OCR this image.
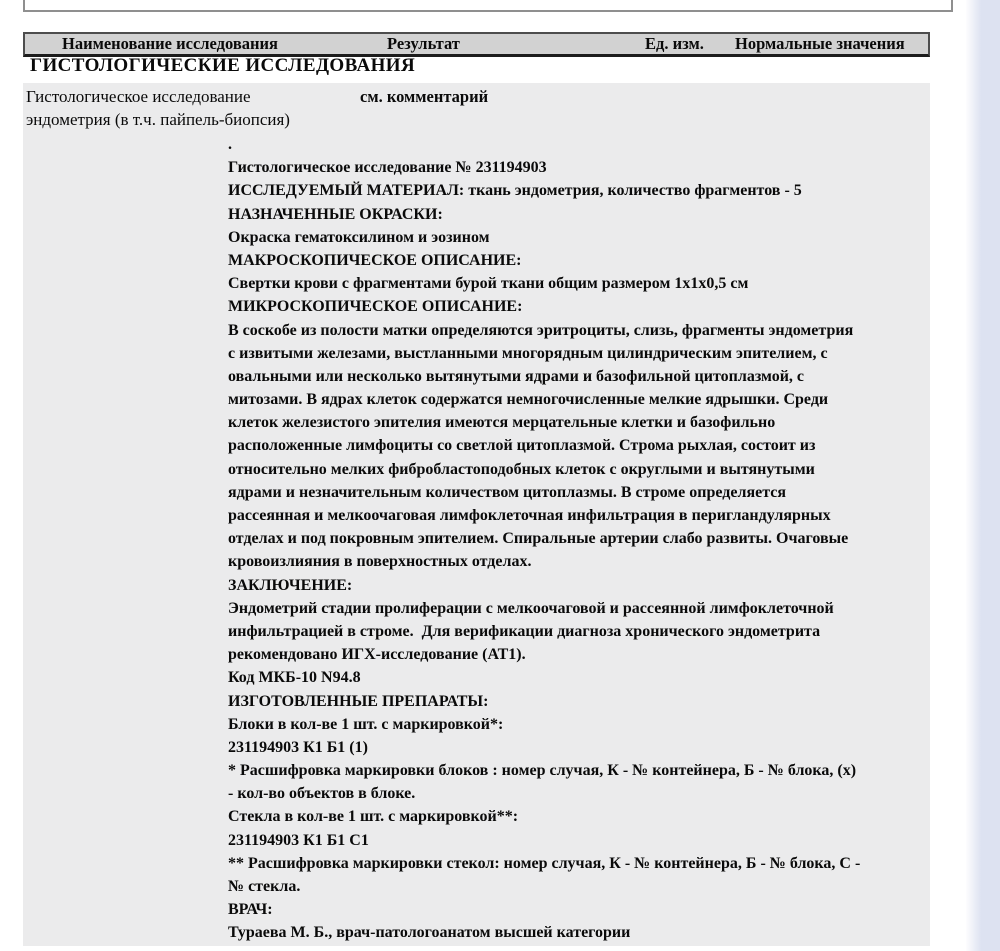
Наименование исследования	Результат	Ед. изм. Нормальные значения
ГИСТОЛОГИЧЕСКИЕ ИССЛЕДОВАНИЯ
Гистологическое исследование
эндометрия (в т.ч. пайпель-биопсия)
см. комментарий
.
Гистологическое исследование № 231194903
ИССЛЕДУЕМЫЙ МАТЕРИАЛ: ткань эндометрия, количество фрагментов - 5
НАЗНАЧЕННЫЕ ОКРАСКИ:
Окраска гематоксилином и эозином
МАКРОСКОПИЧЕСКОЕ ОПИСАНИЕ:
Свертки крови с фрагментами бурой ткани общим размером 1х1х0,5 см
МИКРОСКОПИЧЕСКОЕ ОПИСАНИЕ:
В соскобе из полости матки определяются эритроциты, слизь, фрагменты эндометрия
с извитыми железами, выстланными многорядным цилиндрическим эпителием, с
овальными или несколько вытянутыми ядрами и базофильной цитоплазмой, с
митозами. В ядрах клеток содержатся немногочисленные мелкие ядрышки. Среди
клеток железистого эпителия имеются мерцательные клетки и базофильно
расположенные лимфоциты со светлой цитоплазмой. Строма рыхлая, состоит из
относительно мелких фибробластоподобных клеток с округлыми и вытянутыми
ядрами и незначительным количеством цитоплазмы. В строме определяется
рассеянная и мелкоочаговая лимфоклеточная инфильтрация в перигландулярных
отделах и под покровным эпителием. Спиральные артерии слабо развиты. Очаговые
кровоизлияния в поверхностных отделах.
ЗАКЛЮЧЕНИЕ:
Эндометрий стадии пролиферации с мелкоочаговой и рассеянной лимфоклеточной
инфильтрацией в строме.  Для верификации диагноза хронического эндометрита
рекомендовано ИГХ-исследование (АТ1).
Код МКБ-10 N94.8
ИЗГОТОВЛЕННЫЕ ПРЕПАРАТЫ:
Блоки в кол-ве 1 шт. с маркировкой*:
231194903 К1 Б1 (1)
* Расшифровка маркировки блоков : номер случая, К - № контейнера, Б - № блока, (х)
- кол-во объектов в блоке.
Стекла в кол-ве 1 шт. с маркировкой**:
231194903 К1 Б1 С1
** Расшифровка маркировки стекол: номер случая, К - № контейнера, Б - № блока, С -
№ стекла.
ВРАЧ:
Тураева М. Б., врач-патологоанатом высшей категории
